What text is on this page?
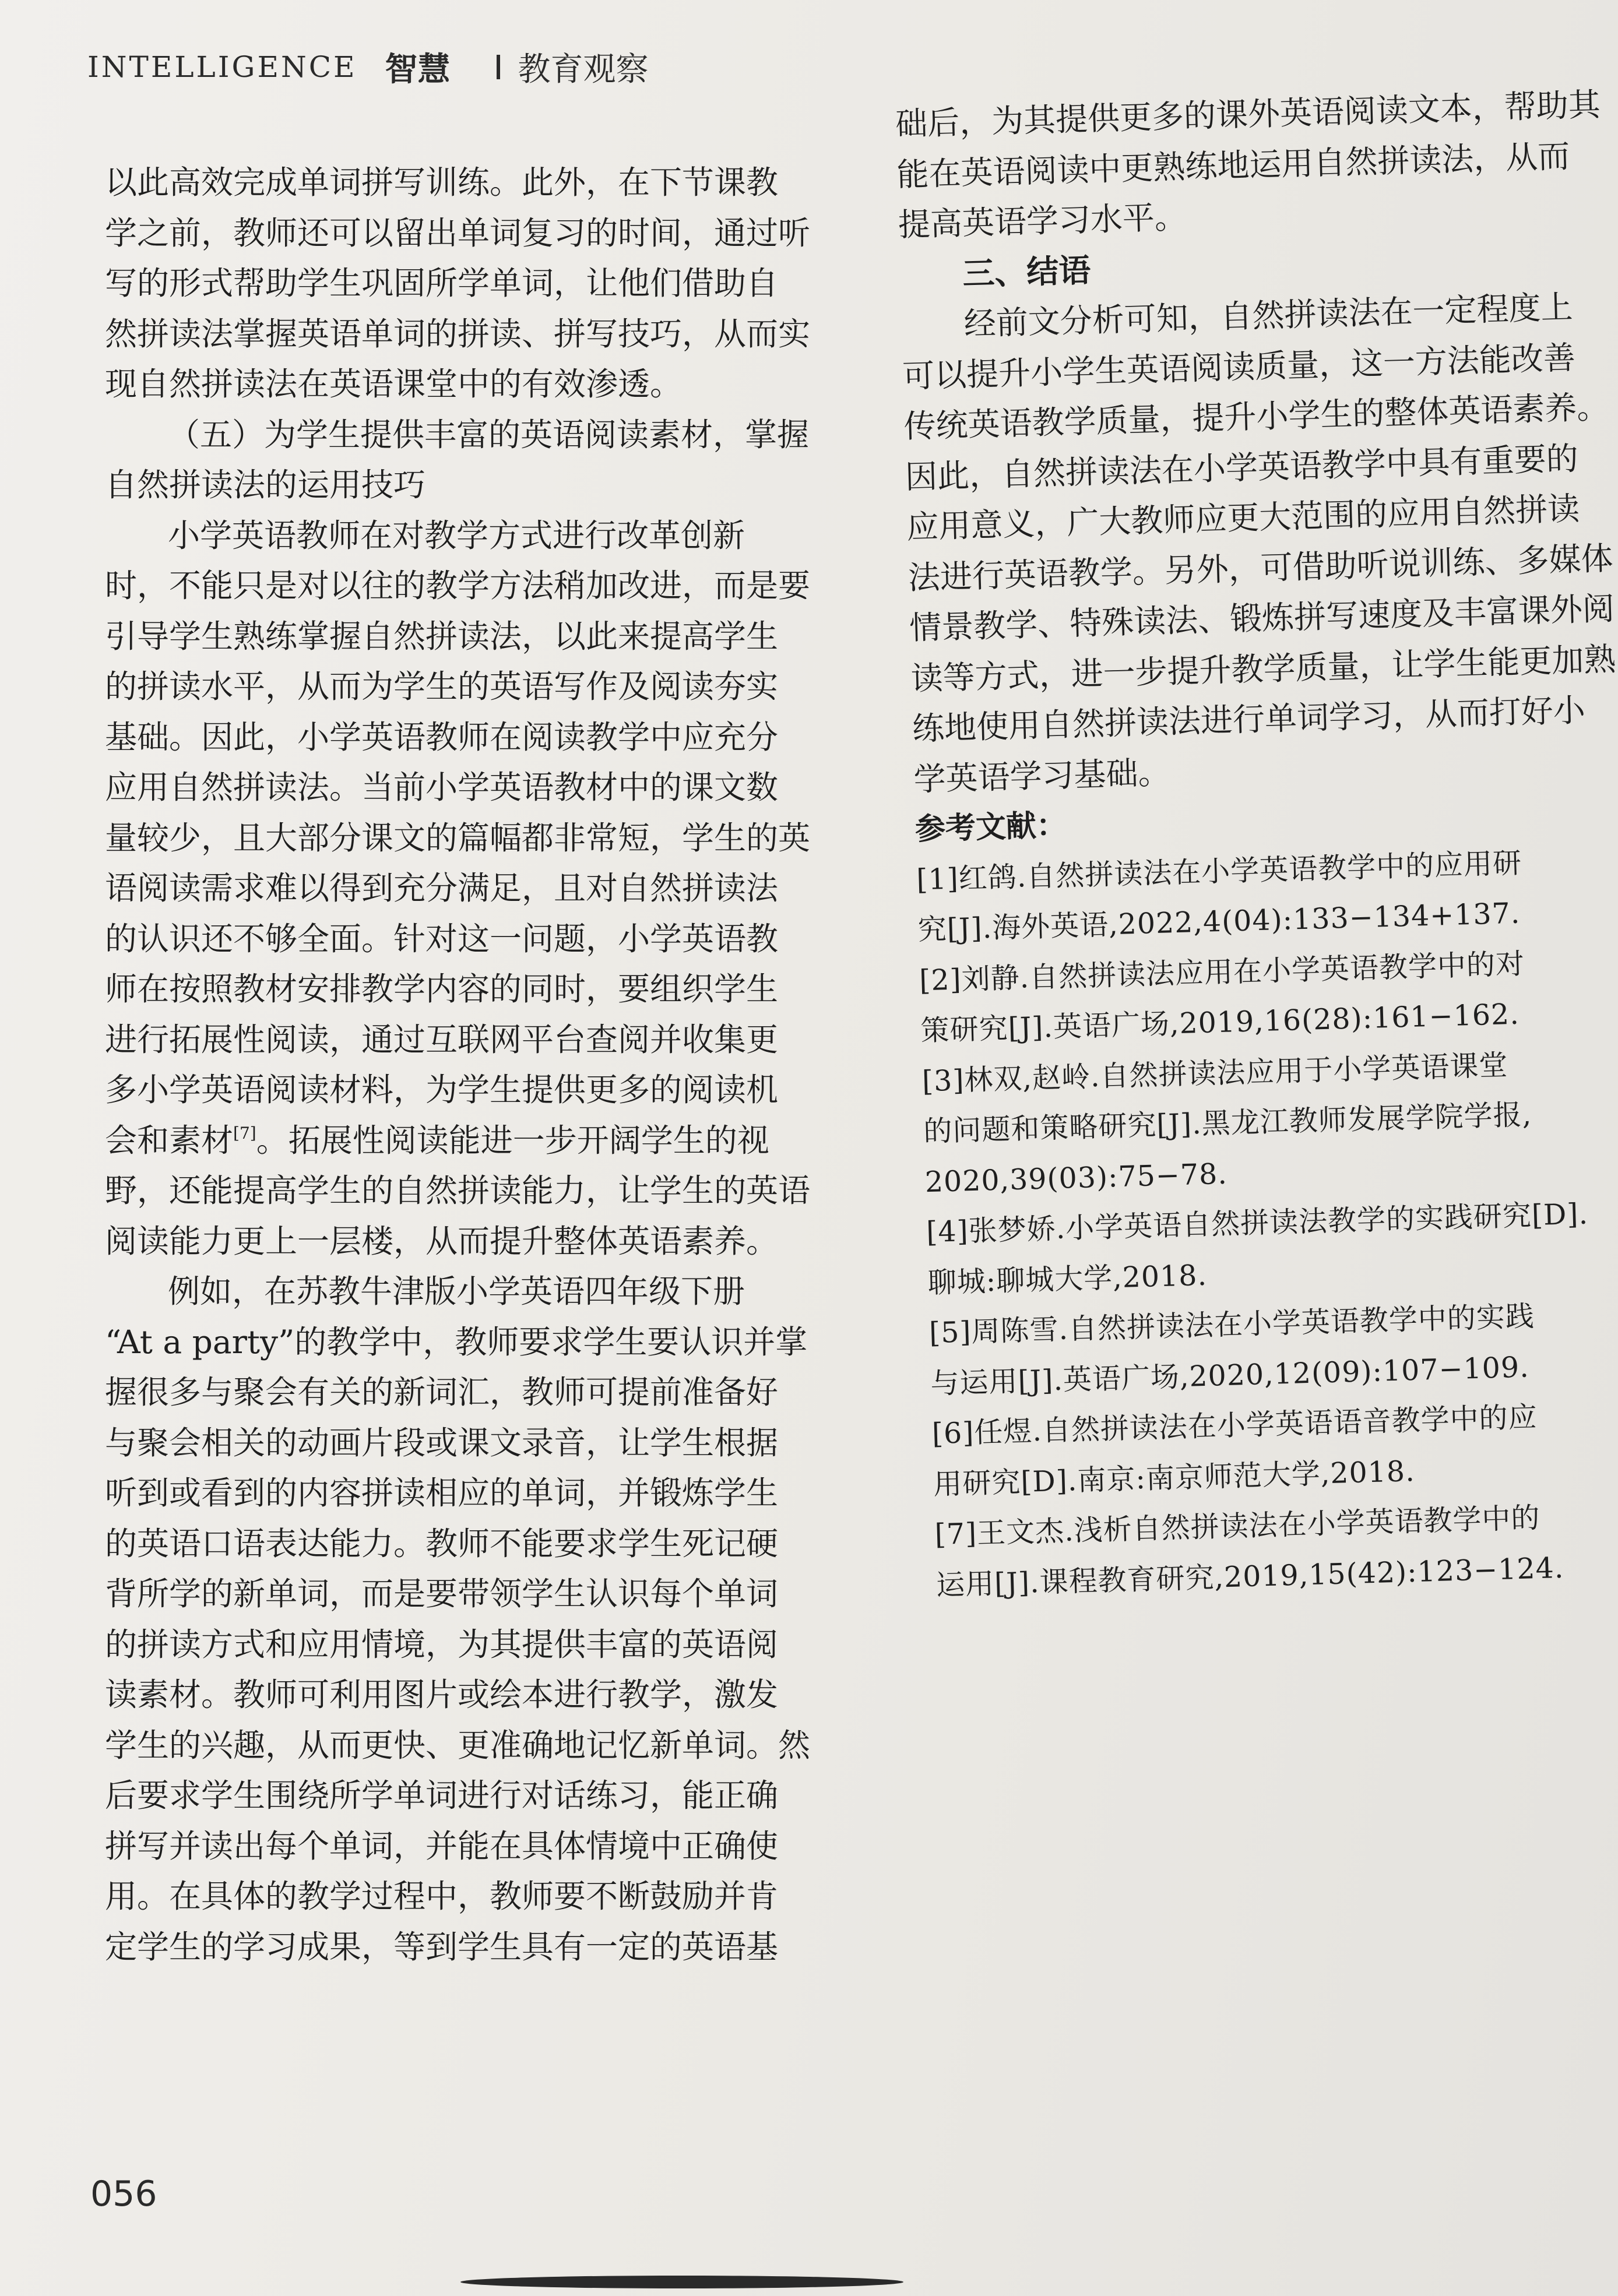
INTELLIGENCE 智慧 教育观察
以此高效完成单词拼写训练。此外，在下节课教
学之前，教师还可以留出单词复习的时间，通过听
写的形式帮助学生巩固所学单词，让他们借助自
然拼读法掌握英语单词的拼读、拼写技巧，从而实
现自然拼读法在英语课堂中的有效渗透。
（五）为学生提供丰富的英语阅读素材，掌握
自然拼读法的运用技巧
小学英语教师在对教学方式进行改革创新
时，不能只是对以往的教学方法稍加改进，而是要
引导学生熟练掌握自然拼读法，以此来提高学生
的拼读水平，从而为学生的英语写作及阅读夯实
基础。因此，小学英语教师在阅读教学中应充分
应用自然拼读法。当前小学英语教材中的课文数
量较少，且大部分课文的篇幅都非常短，学生的英
语阅读需求难以得到充分满足，且对自然拼读法
的认识还不够全面。针对这一问题，小学英语教
师在按照教材安排教学内容的同时，要组织学生
进行拓展性阅读，通过互联网平台查阅并收集更
多小学英语阅读材料，为学生提供更多的阅读机
会和素材[7]。拓展性阅读能进一步开阔学生的视
野，还能提高学生的自然拼读能力，让学生的英语
阅读能力更上一层楼，从而提升整体英语素养。
例如，在苏教牛津版小学英语四年级下册
“At a party”的教学中，教师要求学生要认识并掌
握很多与聚会有关的新词汇，教师可提前准备好
与聚会相关的动画片段或课文录音，让学生根据
听到或看到的内容拼读相应的单词，并锻炼学生
的英语口语表达能力。教师不能要求学生死记硬
背所学的新单词，而是要带领学生认识每个单词
的拼读方式和应用情境，为其提供丰富的英语阅
读素材。教师可利用图片或绘本进行教学，激发
学生的兴趣，从而更快、更准确地记忆新单词。然
后要求学生围绕所学单词进行对话练习，能正确
拼写并读出每个单词，并能在具体情境中正确使
用。在具体的教学过程中，教师要不断鼓励并肯
定学生的学习成果，等到学生具有一定的英语基
础后，为其提供更多的课外英语阅读文本，帮助其
能在英语阅读中更熟练地运用自然拼读法，从而
提高英语学习水平。
三、结语
经前文分析可知，自然拼读法在一定程度上
可以提升小学生英语阅读质量，这一方法能改善
传统英语教学质量，提升小学生的整体英语素养。
因此，自然拼读法在小学英语教学中具有重要的
应用意义，广大教师应更大范围的应用自然拼读
法进行英语教学。另外，可借助听说训练、多媒体
情景教学、特殊读法、锻炼拼写速度及丰富课外阅
读等方式，进一步提升教学质量，让学生能更加熟
练地使用自然拼读法进行单词学习，从而打好小
学英语学习基础。
参考文献：
[1]红鸽.自然拼读法在小学英语教学中的应用研
究[J].海外英语,2022,4(04):133−134+137.
[2]刘静.自然拼读法应用在小学英语教学中的对
策研究[J].英语广场,2019,16(28):161−162.
[3]林双,赵岭.自然拼读法应用于小学英语课堂
的问题和策略研究[J].黑龙江教师发展学院学报,
2020,39(03):75−78.
[4]张梦娇.小学英语自然拼读法教学的实践研究[D].
聊城:聊城大学,2018.
[5]周陈雪.自然拼读法在小学英语教学中的实践
与运用[J].英语广场,2020,12(09):107−109.
[6]任煜.自然拼读法在小学英语语音教学中的应
用研究[D].南京:南京师范大学,2018.
[7]王文杰.浅析自然拼读法在小学英语教学中的
运用[J].课程教育研究,2019,15(42):123−124.
056
